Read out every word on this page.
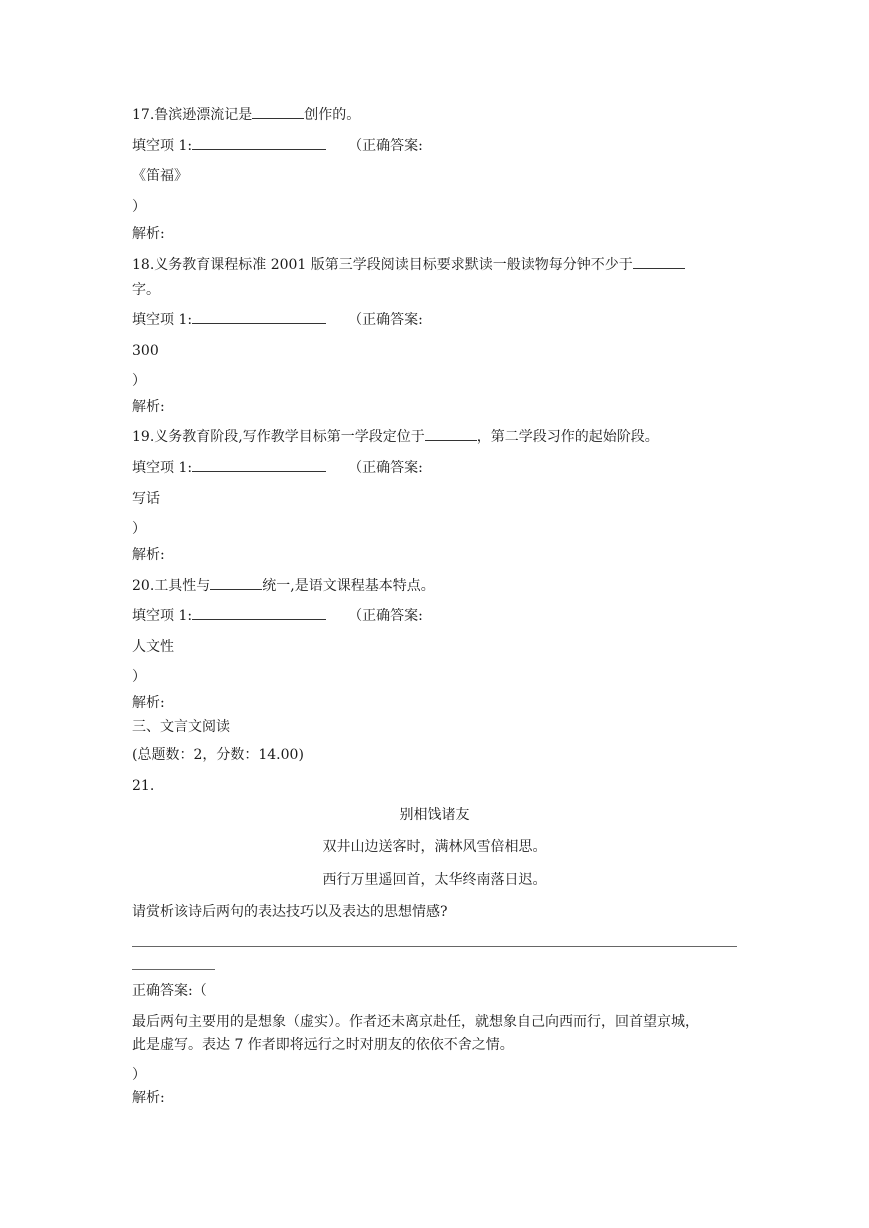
17.鲁滨逊漂流记是	创作的。
填空项 1:	（正确答案:
《笛福》
）
解析:
18.义务教育课程标准 2001 版第三学段阅读目标要求默读一般读物每分钟不少于
字。
填空项 1:	（正确答案:
300
）
解析:
19.义务教育阶段,写作教学目标第一学段定位于	，第二学段习作的起始阶段。
填空项 1:	（正确答案:
写话
）
解析:
20.工具性与	统一,是语文课程基本特点。
填空项 1:	（正确答案:
人文性
）
解析:
三、文言文阅读
(总题数：2，分数：14.00)
21.
别相饯诸友
双井山边送客时，满林风雪倍相思。
西行万里遥回首，太华终南落日迟。
请赏析该诗后两句的表达技巧以及表达的思想情感?
正确答案:（
最后两句主要用的是想象（虚实）。作者还未离京赴任，就想象自己向西而行，回首望京城，
此是虚写。表达 7 作者即将远行之时对朋友的依依不舍之情。
）
解析:
